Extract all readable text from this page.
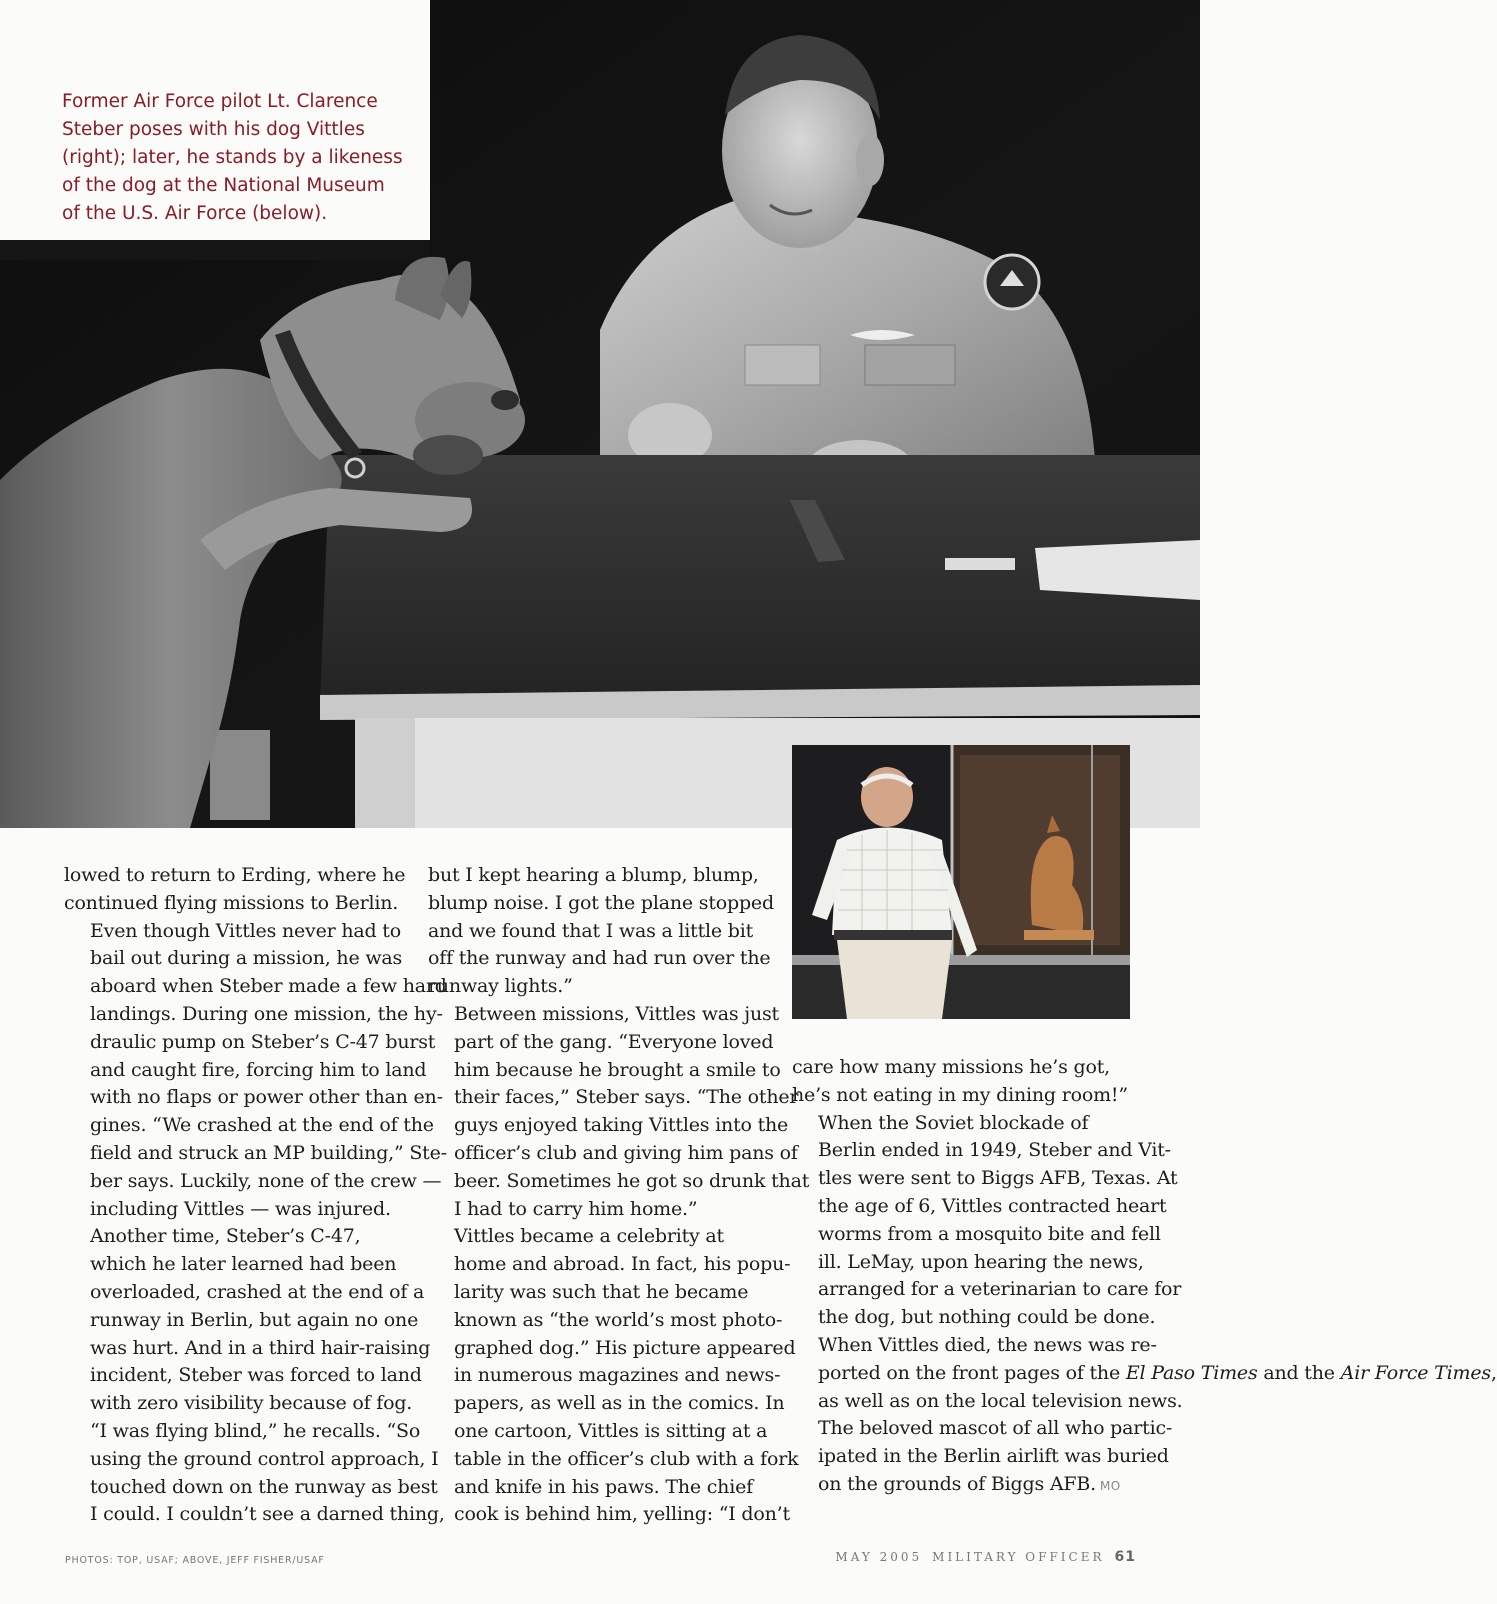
Former Air Force pilot Lt. Clarence Steber poses with his dog Vittles (right); later, he stands by a likeness of the dog at the National Museum of the U.S. Air Force (below).

lowed to return to Erding, where he
continued flying missions to Berlin.

Even though Vittles never had to
bail out during a mission, he was
aboard when Steber made a few hard
landings. During one mission, the hy-
draulic pump on Steber’s C-47 burst
and caught fire, forcing him to land
with no flaps or power other than en-
gines. “We crashed at the end of the
field and struck an MP building,” Ste-
ber says. Luckily, none of the crew —
including Vittles — was injured.

Another time, Steber’s C-47,
which he later learned had been
overloaded, crashed at the end of a
runway in Berlin, but again no one
was hurt. And in a third hair-raising
incident, Steber was forced to land
with zero visibility because of fog.
“I was flying blind,” he recalls. “So
using the ground control approach, I
touched down on the runway as best
I could. I couldn’t see a darned thing,

but I kept hearing a blump, blump,
blump noise. I got the plane stopped
and we found that I was a little bit
off the runway and had run over the
runway lights.”

Between missions, Vittles was just
part of the gang. “Everyone loved
him because he brought a smile to
their faces,” Steber says. “The other
guys enjoyed taking Vittles into the
officer’s club and giving him pans of
beer. Sometimes he got so drunk that
I had to carry him home.”

Vittles became a celebrity at
home and abroad. In fact, his popu-
larity was such that he became
known as “the world’s most photo-
graphed dog.” His picture appeared
in numerous magazines and news-
papers, as well as in the comics. In
one cartoon, Vittles is sitting at a
table in the officer’s club with a fork
and knife in his paws. The chief
cook is behind him, yelling: “I don’t

care how many missions he’s got,
he’s not eating in my dining room!”

When the Soviet blockade of
Berlin ended in 1949, Steber and Vit-
tles were sent to Biggs AFB, Texas. At
the age of 6, Vittles contracted heart
worms from a mosquito bite and fell
ill. LeMay, upon hearing the news,
arranged for a veterinarian to care for
the dog, but nothing could be done.
When Vittles died, the news was re-
ported on the front pages of the El Paso Times and the Air Force Times,
as well as on the local television news.
The beloved mascot of all who partic-
ipated in the Berlin airlift was buried
on the grounds of Biggs AFB. MO

PHOTOS: TOP, USAF; ABOVE, JEFF FISHER/USAF	MAY 2005 MILITARY OFFICER 61
